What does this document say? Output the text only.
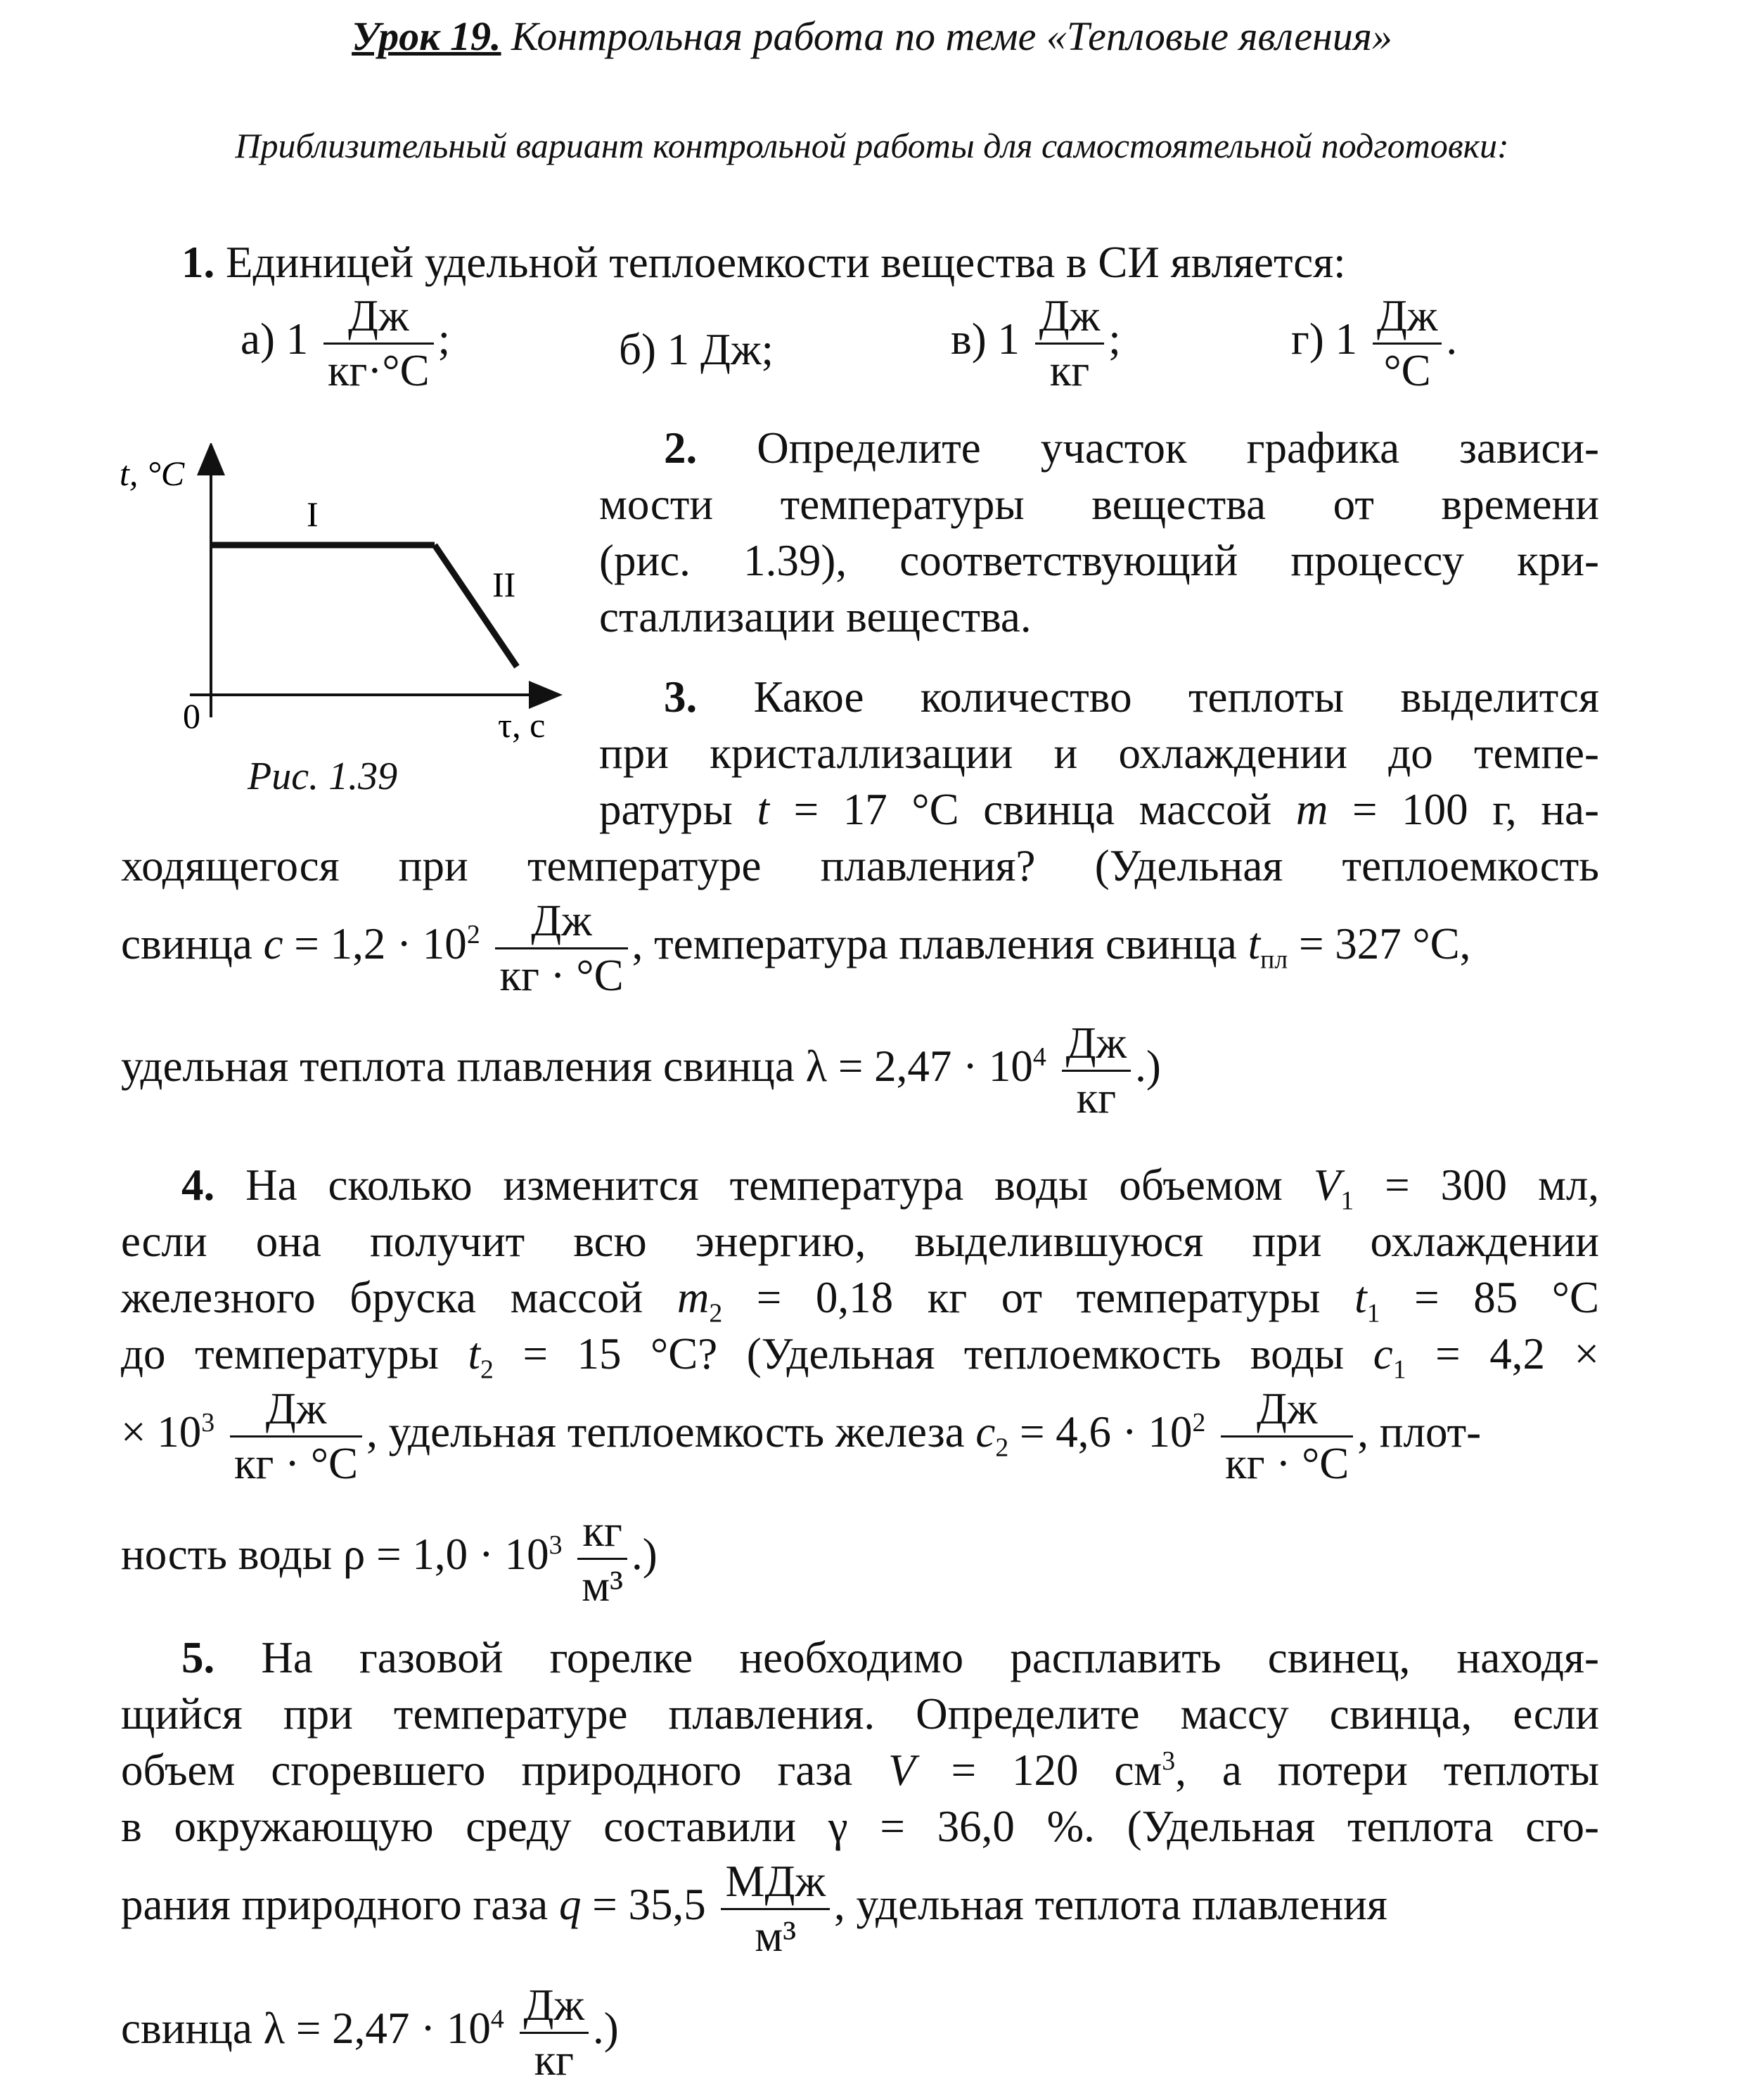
Урок 19. Контрольная работа по теме «Тепловые явления»
Приблизительный вариант контрольной работы для самостоятельной подготовки:
1. Единицей удельной теплоемкости вещества в СИ является:
а) $1 \frac{Дж}{кг\cdot^\circ С}$ ;	б) 1 Дж;	в) $1 \frac{Дж}{кг}$ ;	г) $1 \frac{Дж}{^\circ С}$ .
t, °C
0	τ, с
I
II
Рис. 1.39
2. Определите участок графика зависи-
мости температуры вещества от времени
(рис. 1.39), соответствующий процессу кри-
сталлизации вещества.
3. Какое количество теплоты выделится
при кристаллизации и охлаждении до темпе-
ратуры t = 17 °С свинца массой m = 100 г, на-
ходящегося при температуре плавления? (Удельная теплоемкость
свинца $c = 1,2 \cdot 10^2 \frac{Дж}{кг \cdot ^\circ С}$ , температура плавления свинца $t_{пл} = 327$ °С,
удельная теплота плавления свинца $\lambda = 2,47 \cdot 10^4 \frac{Дж}{кг}$ .)
4. На сколько изменится температура воды объемом $V_1 = 300$ мл,
если она получит всю энергию, выделившуюся при охлаждении
железного бруска массой $m_2 = 0,18$ кг от температуры $t_1 = 85$ °С
до температуры $t_2 = 15$ °С? (Удельная теплоемкость воды $c_1 = 4,2$ ×
× $10^3 \frac{Дж}{кг \cdot ^\circ С}$ , удельная теплоемкость железа $c_2 = 4,6 \cdot 10^2 \frac{Дж}{кг \cdot ^\circ С}$ , плот-
ность воды $\rho = 1,0 \cdot 10^3 \frac{кг}{\text{м³}}$ .)
5. На газовой горелке необходимо расплавить свинец, находя-
щийся при температуре плавления. Определите массу свинца, если
объем сгоревшего природного газа V = 120 $см^3$, а потери теплоты
в окружающую среду составили γ = 36,0 %. (Удельная теплота сго-
рания природного газа $q = 35,5 \frac{\text{МДж}}{\text{м³}}$ , удельная теплота плавления
свинца $\lambda = 2,47 \cdot 10^4 \frac{Дж}{кг}$ .)
